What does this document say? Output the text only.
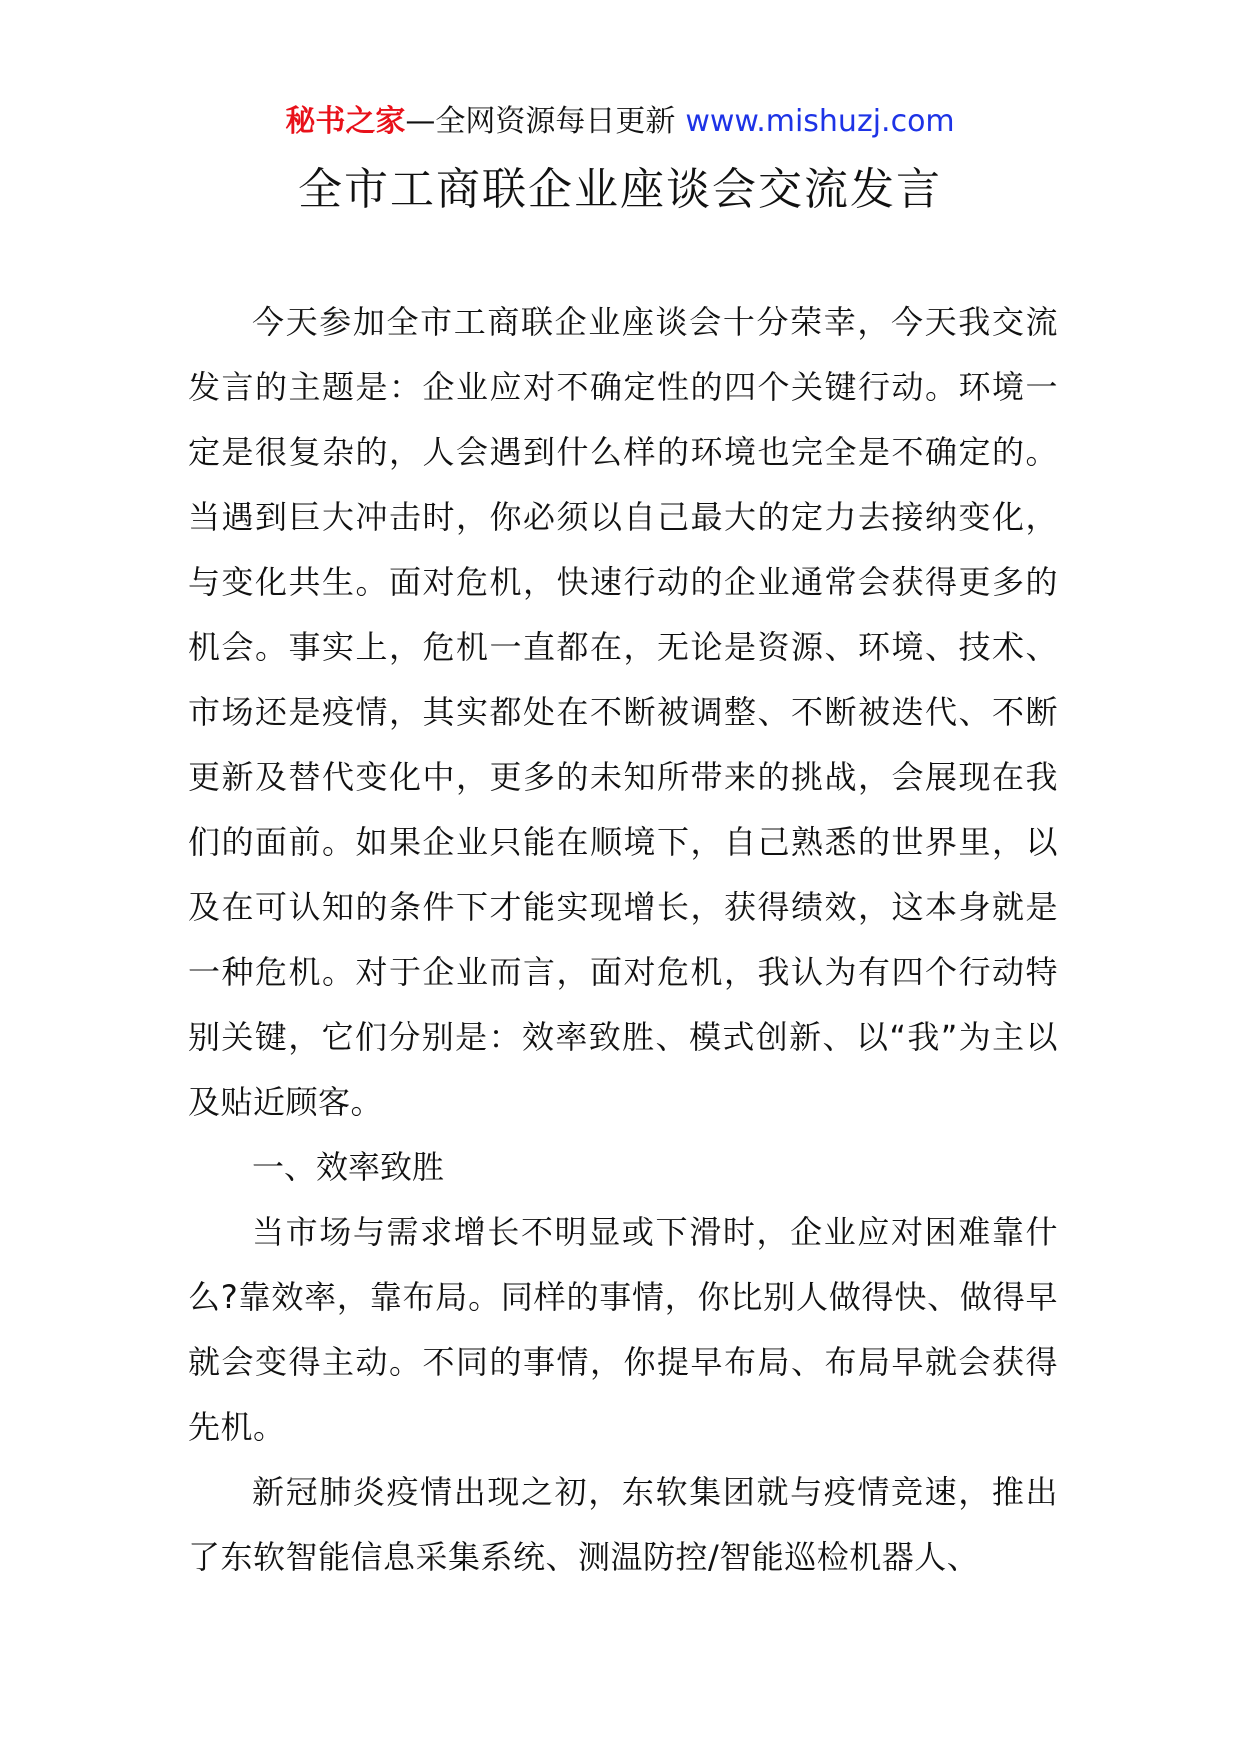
秘书之家—全网资源每日更新 www.mishuzj.com
全市工商联企业座谈会交流发言

今天参加全市工商联企业座谈会十分荣幸，今天我交流发言的主题是：企业应对不确定性的四个关键行动。环境一定是很复杂的，人会遇到什么样的环境也完全是不确定的。当遇到巨大冲击时，你必须以自己最大的定力去接纳变化，与变化共生。面对危机，快速行动的企业通常会获得更多的机会。事实上，危机一直都在，无论是资源、环境、技术、市场还是疫情，其实都处在不断被调整、不断被迭代、不断更新及替代变化中，更多的未知所带来的挑战，会展现在我们的面前。如果企业只能在顺境下，自己熟悉的世界里，以及在可认知的条件下才能实现增长，获得绩效，这本身就是一种危机。对于企业而言，面对危机，我认为有四个行动特别关键，它们分别是：效率致胜、模式创新、以“我”为主以及贴近顾客。

一、效率致胜

当市场与需求增长不明显或下滑时，企业应对困难靠什么?靠效率，靠布局。同样的事情，你比别人做得快、做得早就会变得主动。不同的事情，你提早布局、布局早就会获得先机。

新冠肺炎疫情出现之初，东软集团就与疫情竞速，推出了东软智能信息采集系统、测温防控/智能巡检机器人、
